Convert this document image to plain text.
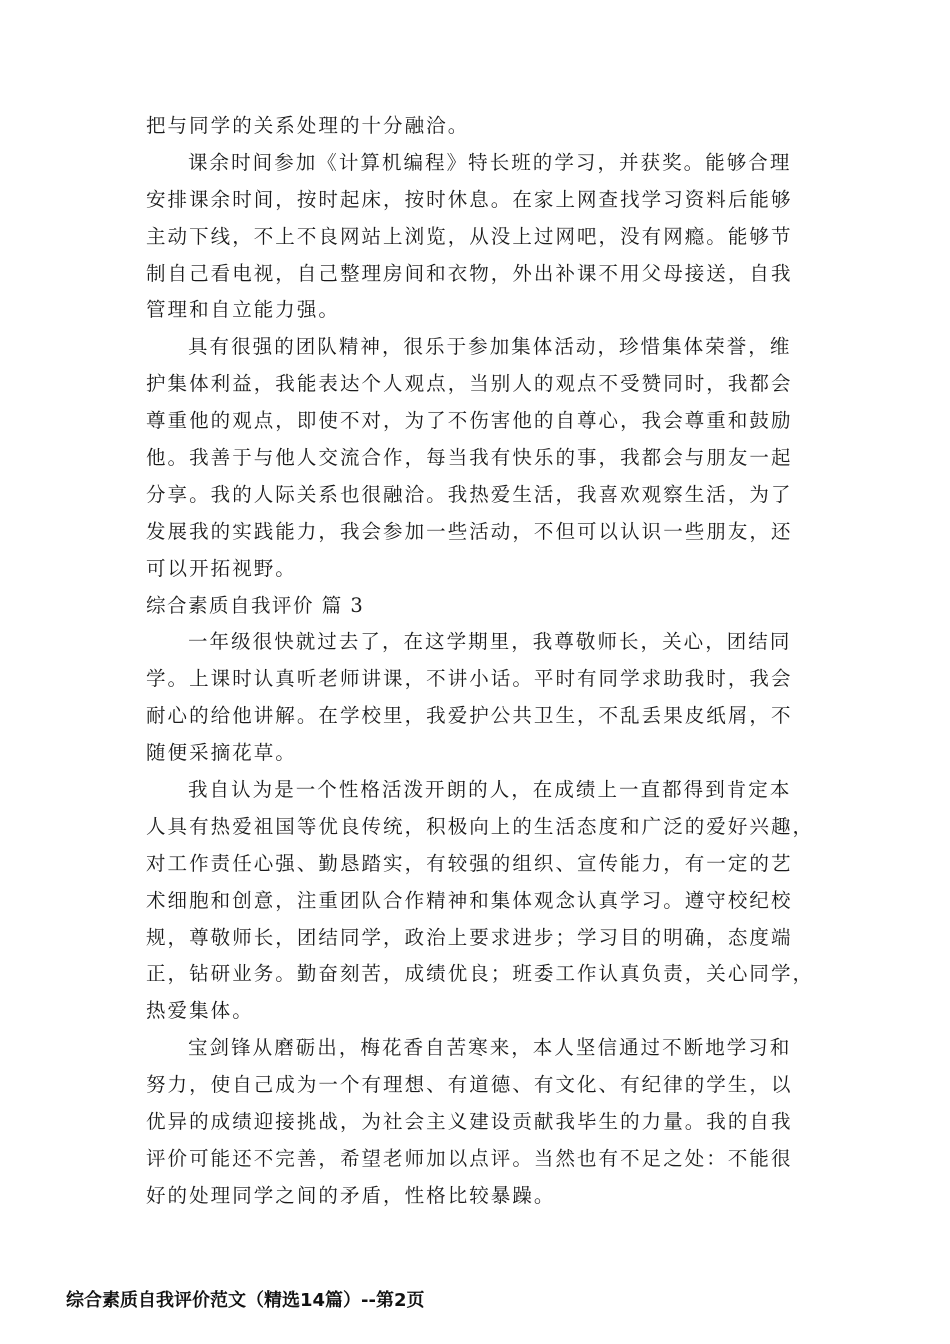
把与同学的关系处理的十分融洽。
课余时间参加《计算机编程》特长班的学习，并获奖。能够合理
安排课余时间，按时起床，按时休息。在家上网查找学习资料后能够
主动下线，不上不良网站上浏览，从没上过网吧，没有网瘾。能够节
制自己看电视，自己整理房间和衣物，外出补课不用父母接送，自我
管理和自立能力强。
具有很强的团队精神，很乐于参加集体活动，珍惜集体荣誉，维
护集体利益，我能表达个人观点，当别人的观点不受赞同时，我都会
尊重他的观点，即使不对，为了不伤害他的自尊心，我会尊重和鼓励
他。我善于与他人交流合作，每当我有快乐的事，我都会与朋友一起
分享。我的人际关系也很融洽。我热爱生活，我喜欢观察生活，为了
发展我的实践能力，我会参加一些活动，不但可以认识一些朋友，还
可以开拓视野。
综合素质自我评价 篇 3
一年级很快就过去了，在这学期里，我尊敬师长，关心，团结同
学。上课时认真听老师讲课，不讲小话。平时有同学求助我时，我会
耐心的给他讲解。在学校里，我爱护公共卫生，不乱丢果皮纸屑，不
随便采摘花草。
我自认为是一个性格活泼开朗的人，在成绩上一直都得到肯定本
人具有热爱祖国等优良传统，积极向上的生活态度和广泛的爱好兴趣，
对工作责任心强、勤恳踏实，有较强的组织、宣传能力，有一定的艺
术细胞和创意，注重团队合作精神和集体观念认真学习。遵守校纪校
规，尊敬师长，团结同学，政治上要求进步；学习目的明确，态度端
正，钻研业务。勤奋刻苦，成绩优良；班委工作认真负责，关心同学，
热爱集体。
宝剑锋从磨砺出，梅花香自苦寒来，本人坚信通过不断地学习和
努力，使自己成为一个有理想、有道德、有文化、有纪律的学生，以
优异的成绩迎接挑战，为社会主义建设贡献我毕生的力量。我的自我
评价可能还不完善，希望老师加以点评。当然也有不足之处：不能很
好的处理同学之间的矛盾，性格比较暴躁。
综合素质自我评价范文（精选14篇）--第2页
